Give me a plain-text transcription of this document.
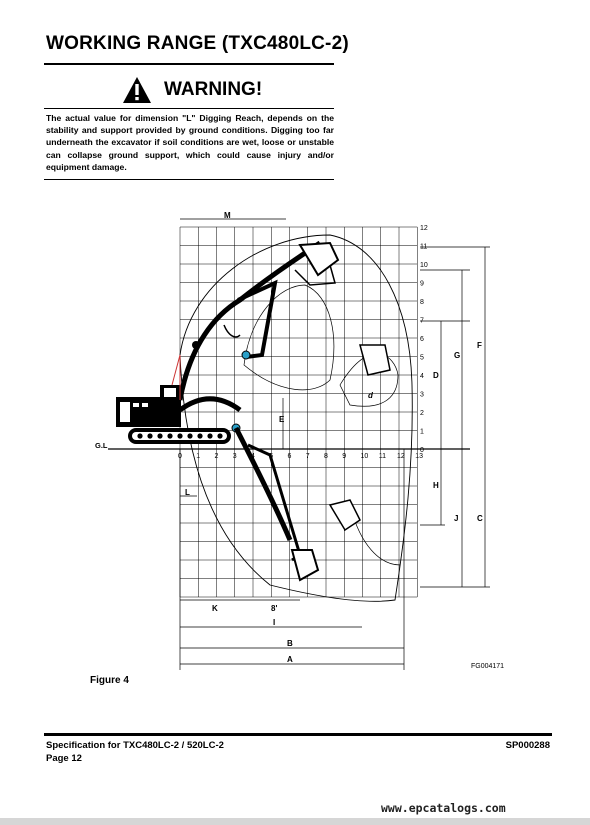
WORKING RANGE (TXC480LC-2)
WARNING!
The actual value for dimension "L" Digging Reach, depends on the stability and support provided by ground conditions. Digging too far underneath the excavator if soil conditions are wet, loose or unstable can collapse ground support, which could cause injury and/or equipment damage.
G.L
0 1 2 3 4 5 6 7 8 9 10 11 12 13
0
1
2
3
4
5
6
7
8
9
10
11
12
M
L
E
D
G
F
H
J C
d
K	8'
I
B
A
FG004171
Figure 4
Specification for TXC480LC-2 / 520LC-2	SP000288
Page 12
www.epcatalogs.com
